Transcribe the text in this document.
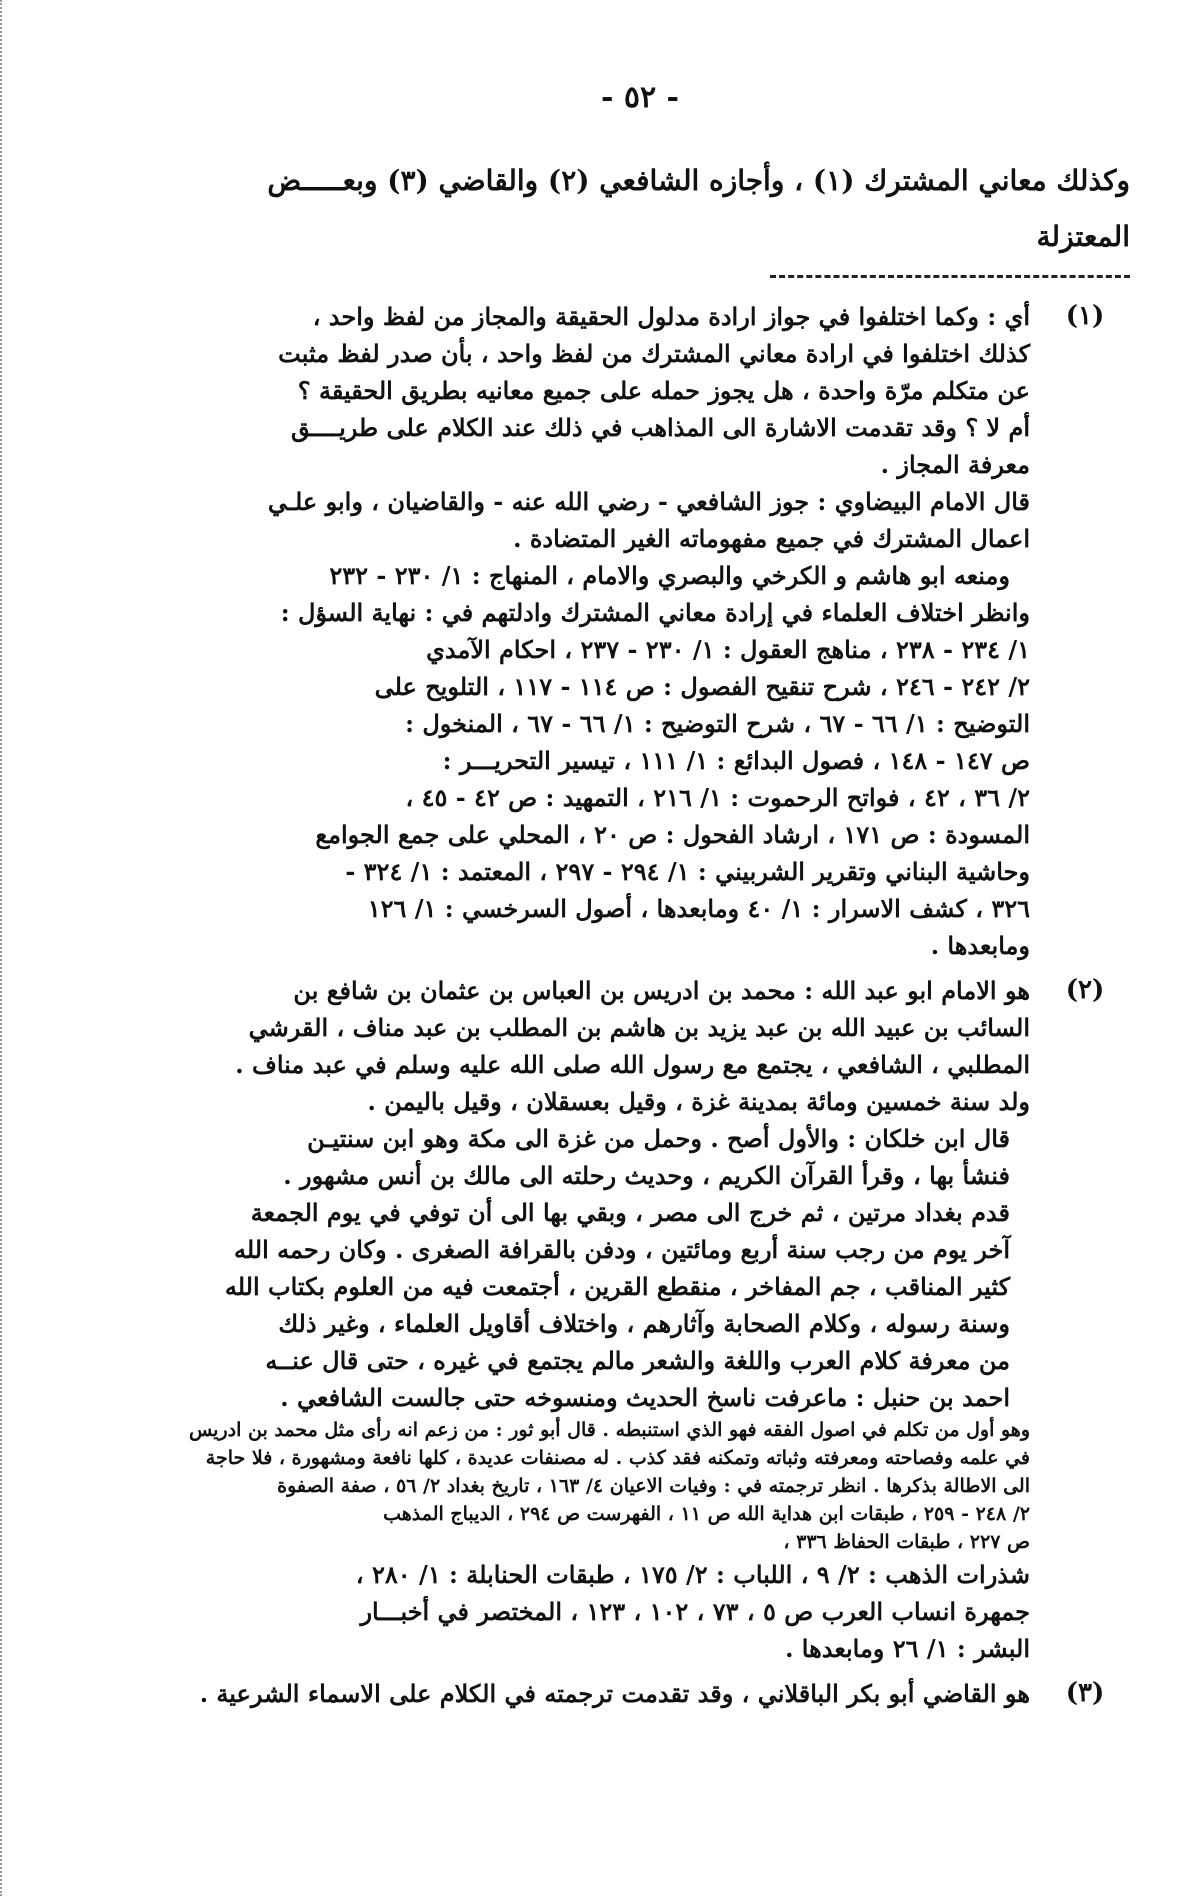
- ٥٢ -

وكذلك معاني المشترك (١) ، وأجازه الشافعي (٢) والقاضي (٣) وبعـــــض

المعتزلة

(١)

أي : وكما اختلفوا في جواز ارادة مدلول الحقيقة والمجاز من لفظ واحد ،

كذلك اختلفوا في ارادة معاني المشترك من لفظ واحد ، بأن صدر لفظ مثبت

عن متكلم مرّة واحدة ، هل يجوز حمله على جميع معانيه بطريق الحقيقة ؟

أم لا ؟ وقد تقدمت الاشارة الى المذاهب في ذلك عند الكلام على طريــــق

معرفة المجاز .

قال الامام البيضاوي : جوز الشافعي - رضي الله عنه - والقاضيان ، وابو علـي

اعمال المشترك في جميع مفهوماته الغير المتضادة .

ومنعه ابو هاشم و الكرخي والبصري والامام ، المنهاج : ١/ ٢٣٠ - ٢٣٢

وانظر اختلاف العلماء في إرادة معاني المشترك وادلتهم في : نهاية السؤل :

١/ ٢٣٤ - ٢٣٨ ، مناهج العقول : ١/ ٢٣٠ - ٢٣٧ ، احكام الآمدي

٢/ ٢٤٢ - ٢٤٦ ، شرح تنقيح الفصول : ص ١١٤ - ١١٧ ، التلويح على

التوضيح : ١/ ٦٦ - ٦٧ ، شرح التوضيح : ١/ ٦٦ - ٦٧ ، المنخول :

ص ١٤٧ - ١٤٨ ، فصول البدائع : ١/ ١١١ ، تيسير التحريـــر :

٢/ ٣٦ ، ٤٢ ، فواتح الرحموت : ١/ ٢١٦ ، التمهيد : ص ٤٢ - ٤٥ ،

المسودة : ص ١٧١ ، ارشاد الفحول : ص ٢٠ ، المحلي على جمع الجوامع

وحاشية البناني وتقرير الشربيني : ١/ ٢٩٤ - ٢٩٧ ، المعتمد : ١/ ٣٢٤ -

٣٢٦ ، كشف الاسرار : ١/ ٤٠ ومابعدها ، أصول السرخسي : ١/ ١٢٦

ومابعدها .

(٢)

هو الامام ابو عبد الله : محمد بن ادريس بن العباس بن عثمان بن شافع بن

السائب بن عبيد الله بن عبد يزيد بن هاشم بن المطلب بن عبد مناف ، القرشي

المطلبي ، الشافعي ، يجتمع مع رسول الله صلى الله عليه وسلم في عبد مناف .

ولد سنة خمسين ومائة بمدينة غزة ، وقيل بعسقلان ، وقيل باليمن .

قال ابن خلكان : والأول أصح . وحمل من غزة الى مكة وهو ابن سنتيـن

فنشأ بها ، وقرأ القرآن الكريم ، وحديث رحلته الى مالك بن أنس مشهور .

قدم بغداد مرتين ، ثم خرج الى مصر ، وبقي بها الى أن توفي في يوم الجمعة

آخر يوم من رجب سنة أربع ومائتين ، ودفن بالقرافة الصغرى . وكان رحمه الله

كثير المناقب ، جم المفاخر ، منقطع القرين ، أجتمعت فيه من العلوم بكتاب الله

وسنة رسوله ، وكلام الصحابة وآثارهم ، واختلاف أقاويل العلماء ، وغير ذلك

من معرفة كلام العرب واللغة والشعر مالم يجتمع في غيره ، حتى قال عنــه

احمد بن حنبل : ماعرفت ناسخ الحديث ومنسوخه حتى جالست الشافعي .

وهو أول من تكلم في اصول الفقه فهو الذي استنبطه . قال أبو ثور : من زعم انه رأى مثل محمد بن ادريس

في علمه وفصاحته ومعرفته وثباته وتمكنه فقد كذب . له مصنفات عديدة ، كلها نافعة ومشهورة ، فلا حاجة

الى الاطالة بذكرها . انظر ترجمته في : وفيات الاعيان ٤/ ١٦٣ ، تاريخ بغداد ٢/ ٥٦ ، صفة الصفوة

٢/ ٢٤٨ - ٢٥٩ ، طبقات ابن هداية الله ص ١١ ، الفهرست ص ٢٩٤ ، الديباج المذهب

ص ٢٢٧ ، طبقات الحفاظ ٣٣٦ ،

شذرات الذهب : ٢/ ٩ ، اللباب : ٢/ ١٧٥ ، طبقات الحنابلة : ١/ ٢٨٠ ،

جمهرة انساب العرب ص ٥ ، ٧٣ ، ١٠٢ ، ١٢٣ ، المختصر في أخبـــار

البشر : ١/ ٢٦ ومابعدها .

(٣)

هو القاضي أبو بكر الباقلاني ، وقد تقدمت ترجمته في الكلام على الاسماء الشرعية .
